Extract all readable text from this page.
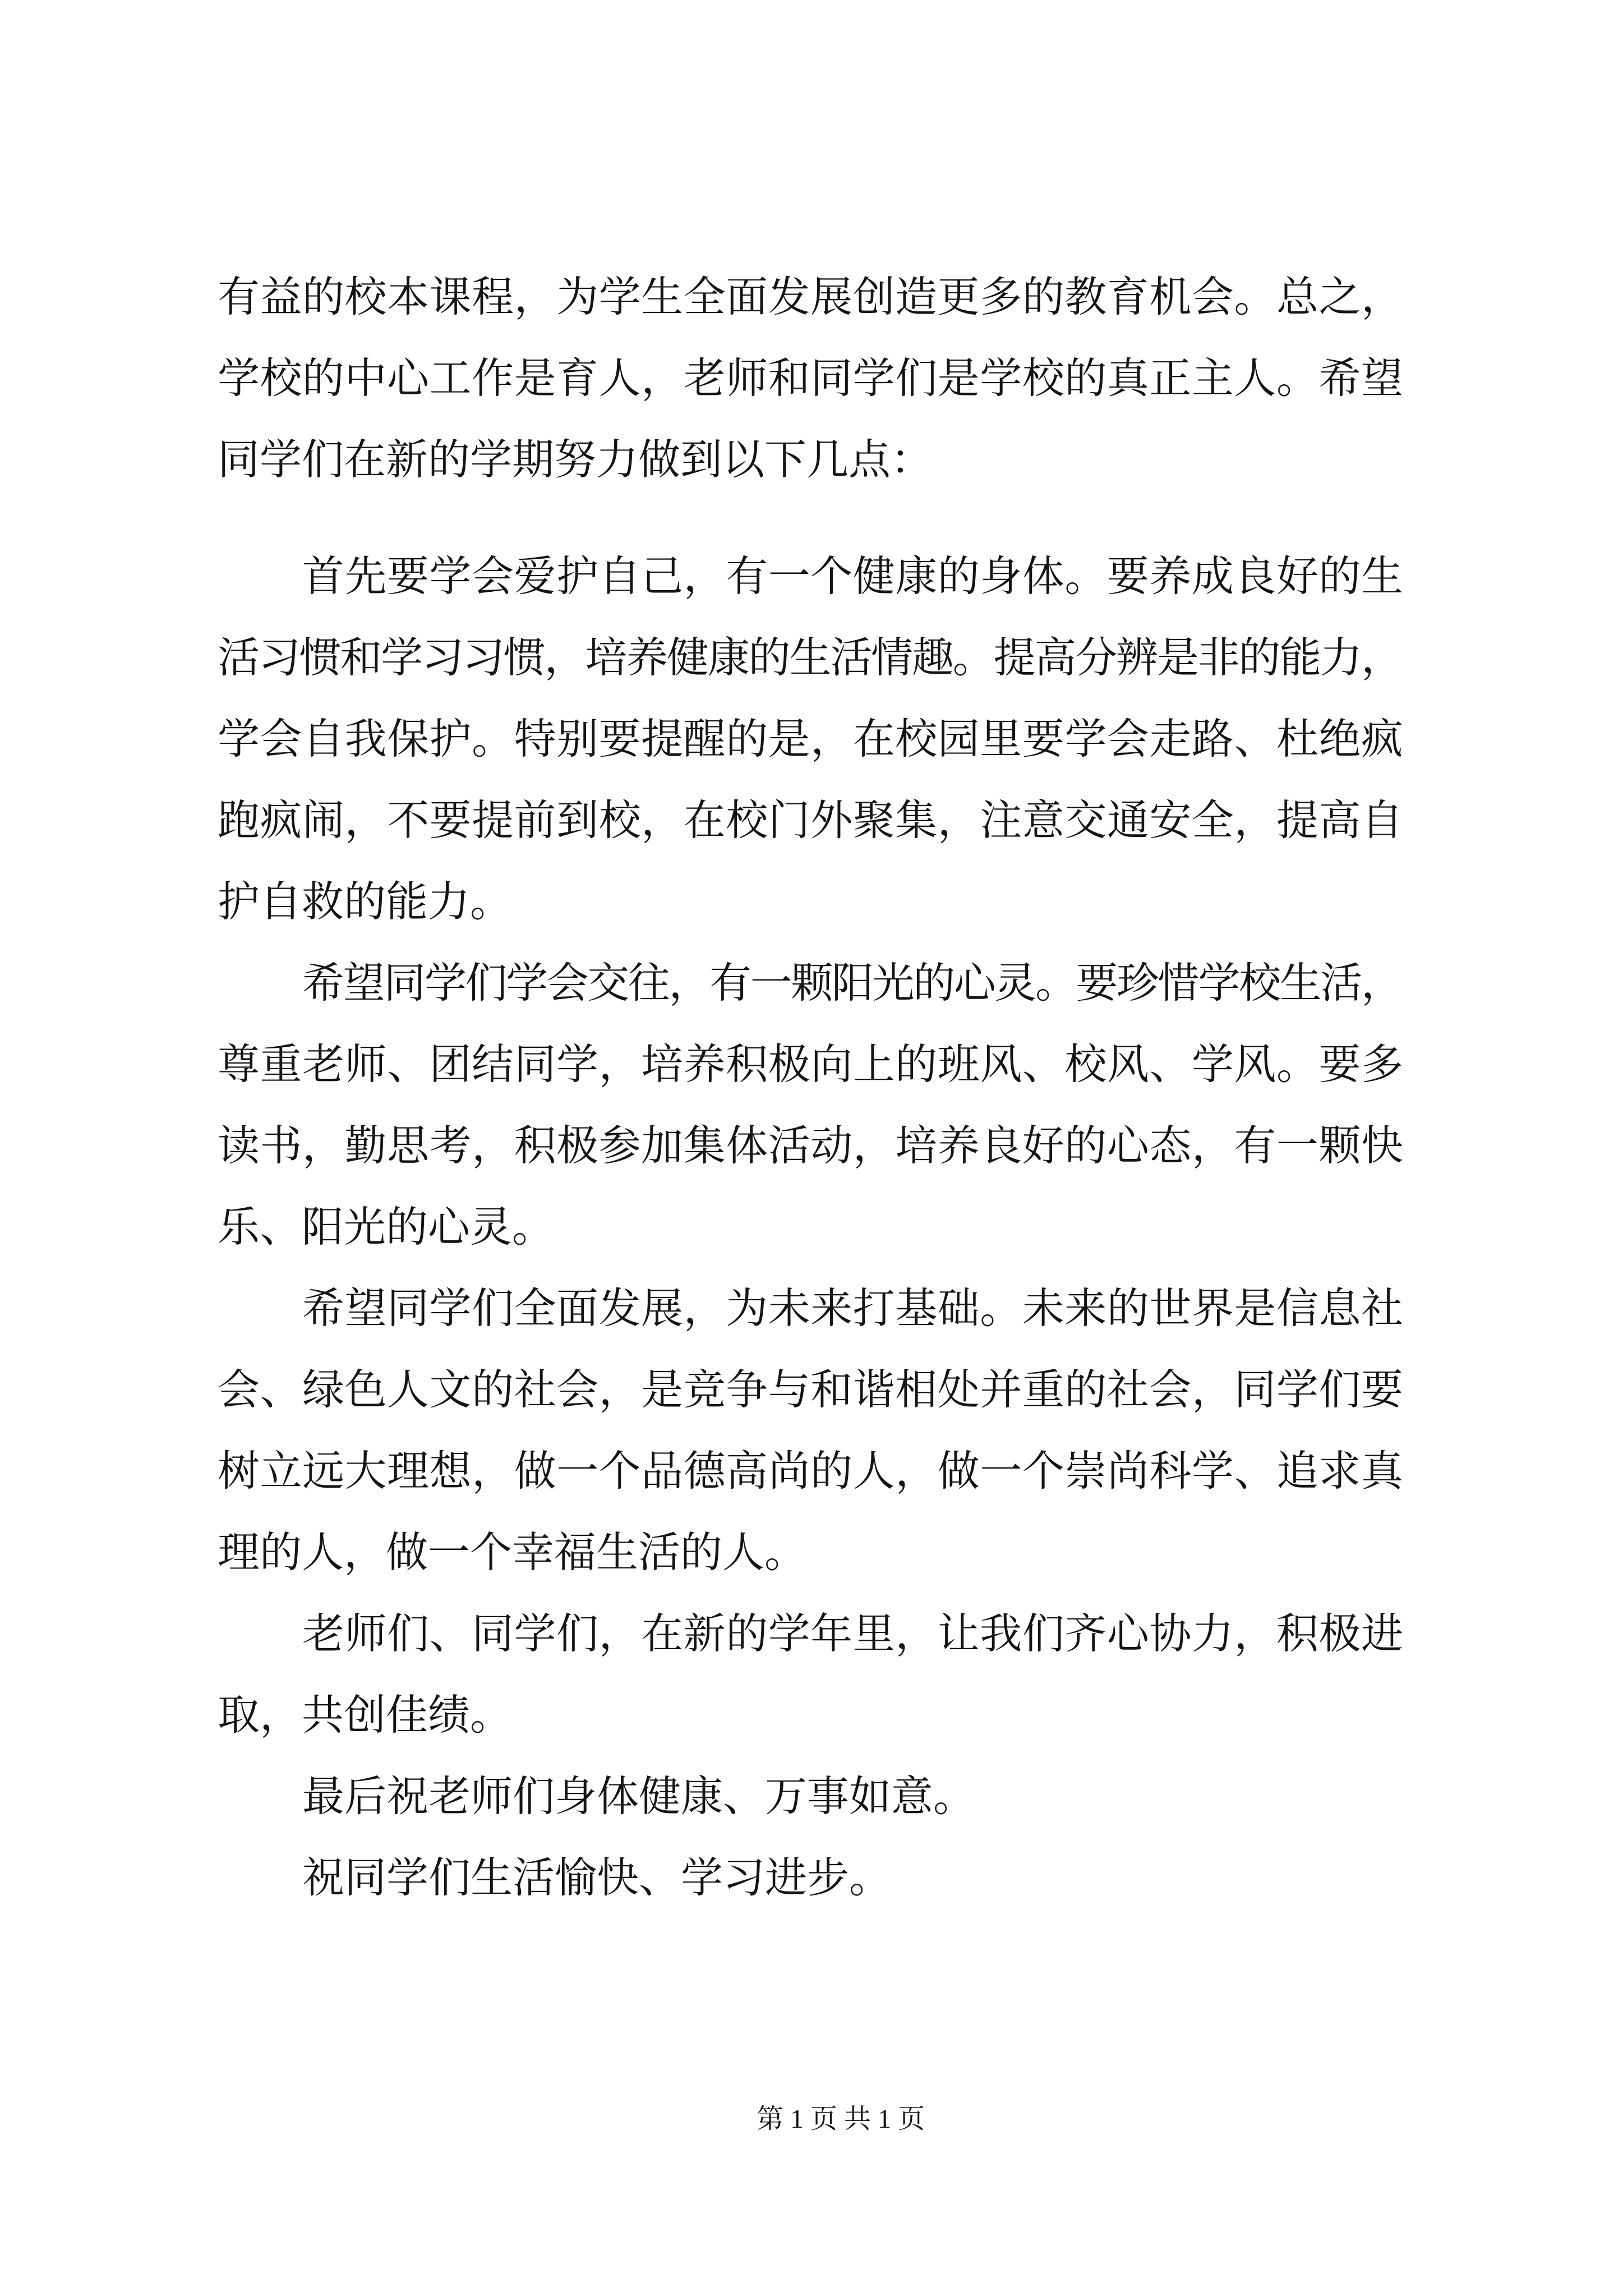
有益的校本课程，为学生全面发展创造更多的教育机会。总之，
学校的中心工作是育人，老师和同学们是学校的真正主人。希望
同学们在新的学期努力做到以下几点：
首先要学会爱护自己，有一个健康的身体。要养成良好的生
活习惯和学习习惯，培养健康的生活情趣。提高分辨是非的能力，
学会自我保护。特别要提醒的是，在校园里要学会走路、杜绝疯
跑疯闹，不要提前到校，在校门外聚集，注意交通安全，提高自
护自救的能力。
希望同学们学会交往，有一颗阳光的心灵。要珍惜学校生活，
尊重老师、团结同学，培养积极向上的班风、校风、学风。要多
读书，勤思考，积极参加集体活动，培养良好的心态，有一颗快
乐、阳光的心灵。
希望同学们全面发展，为未来打基础。未来的世界是信息社
会、绿色人文的社会，是竞争与和谐相处并重的社会，同学们要
树立远大理想，做一个品德高尚的人，做一个崇尚科学、追求真
理的人，做一个幸福生活的人。
老师们、同学们，在新的学年里，让我们齐心协力，积极进
取，共创佳绩。
最后祝老师们身体健康、万事如意。
祝同学们生活愉快、学习进步。
第 1 页 共 1 页
